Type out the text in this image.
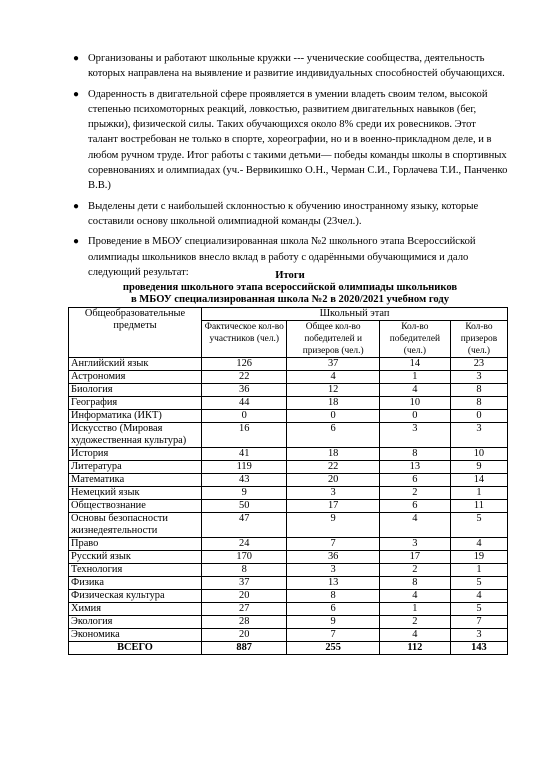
● Организованы и работают школьные кружки --- ученические сообщества, деятельность которых направлена на выявление и развитие индивидуальных способностей обучающихся.
● Одаренность в двигательной сфере проявляется в умении владеть своим телом, высокой степенью психомоторных реакций, ловкостью, развитием двигательных навыков (бег, прыжки), физической силы. Таких обучающихся около 8% среди их ровесников. Этот талант востребован не только в спорте, хореографии, но и в военно-прикладном деле, и в любом ручном труде. Итог работы с такими детьми— победы команды школы в спортивных соревнованиях и олимпиадах (уч.- Вервикишко О.Н., Черман С.И., Горлачева Т.И., Панченко В.В.)
● Выделены дети с наибольшей склонностью к обучению иностранному языку, которые составили основу школьной олимпиадной команды (23чел.).
● Проведение в МБОУ специализированная школа №2 школьного этапа Всероссийской олимпиады школьников внесло вклад в работу с одарёнными обучающимися и дало следующий результат:	Итоги
проведения школьного этапа всероссийской олимпиады школьников
в МБОУ специализированная школа №2 в 2020/2021 учебном году
Общеобразовательные предметы	Школьный этап			
	Фактическое кол-во участников (чел.)	Общее кол-во победителей и призеров (чел.)	Кол-во победителей (чел.)	Кол-во призеров (чел.)
Английский язык	126	37	14	23
Астрономия	22	4	1	3
Биология	36	12	4	8
География	44	18	10	8
Информатика (ИКТ)	0	0	0	0
Искусство (Мировая художественная культура)	16	6	3	3
История	41	18	8	10
Литература	119	22	13	9
Математика	43	20	6	14
Немецкий язык	9	3	2	1
Обществознание	50	17	6	11
Основы безопасности жизнедеятельности	47	9	4	5
Право	24	7	3	4
Русский язык	170	36	17	19
Технология	8	3	2	1
Физика	37	13	8	5
Физическая культура	20	8	4	4
Химия	27	6	1	5
Экология	28	9	2	7
Экономика	20	7	4	3
ВСЕГО	887	255	112	143
